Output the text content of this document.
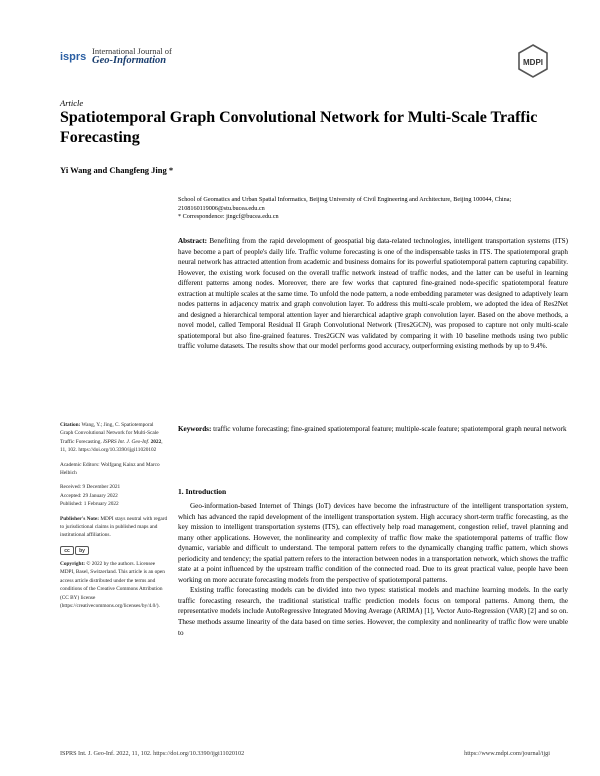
isprs International Journal of
Geo-Information	MDPI
Article
Spatiotemporal Graph Convolutional Network for Multi-Scale Traffic Forecasting
Yi Wang and Changfeng Jing *
School of Geomatics and Urban Spatial Informatics, Beijing University of Civil Engineering and Architecture, Beijing 100044, China; 2108160119006@stu.bucea.edu.cn
* Correspondence: jingcf@bucea.edu.cn
Abstract: Benefiting from the rapid development of geospatial big data-related technologies, intelligent transportation systems (ITS) have become a part of people's daily life. Traffic volume forecasting is one of the indispensable tasks in ITS. The spatiotemporal graph neural network has attracted attention from academic and business domains for its powerful spatiotemporal pattern capturing capability. However, the existing work focused on the overall traffic network instead of traffic nodes, and the latter can be useful in learning different patterns among nodes. Moreover, there are few works that captured fine-grained node-specific spatiotemporal feature extraction at multiple scales at the same time. To unfold the node pattern, a node embedding parameter was designed to adaptively learn nodes patterns in adjacency matrix and graph convolution layer. To address this multi-scale problem, we adopted the idea of Res2Net and designed a hierarchical temporal attention layer and hierarchical adaptive graph convolution layer. Based on the above methods, a novel model, called Temporal Residual II Graph Convolutional Network (Tres2GCN), was proposed to capture not only multi-scale spatiotemporal but also fine-grained features. Tres2GCN was validated by comparing it with 10 baseline methods using two public traffic volume datasets. The results show that our model performs good accuracy, outperforming existing methods by up to 9.4%.
Keywords: traffic volume forecasting; fine-grained spatiotemporal feature; multiple-scale feature; spatiotemporal graph neural network
Citation: Wang, Y.; Jing, C. Spatiotemporal Graph Convolutional Network for Multi-Scale Traffic Forecasting. ISPRS Int. J. Geo-Inf. 2022, 11, 102. https://doi.org/10.3390/ijgi11020102
Academic Editors: Wolfgang Kainz and Marco Helbich
Received: 9 December 2021
Accepted: 29 January 2022
Published: 1 February 2022
Publisher's Note: MDPI stays neutral with regard to jurisdictional claims in published maps and institutional affiliations.
cc	by
Copyright: © 2022 by the authors. Licensee MDPI, Basel, Switzerland. This article is an open access article distributed under the terms and conditions of the Creative Commons Attribution (CC BY) license (https://creativecommons.org/licenses/by/4.0/).
1. Introduction

Geo-information-based Internet of Things (IoT) devices have become the infrastructure of the intelligent transportation system, which has advanced the rapid development of the intelligent transportation system. High accuracy short-term traffic forecasting, as the key mission to intelligent transportation systems (ITS), can effectively help road management, congestion relief, travel planning and many other applications. However, the nonlinearity and complexity of traffic flow make the spatiotemporal patterns of traffic flow dynamic, variable and difficult to understand. The temporal pattern refers to the dynamically changing traffic pattern, which shows periodicity and tendency; the spatial pattern refers to the interaction between nodes in a transportation network, which shows the traffic state at a point influenced by the upstream traffic condition of the connected road. Due to its great practical value, people have been working on more accurate forecasting models from the perspective of spatiotemporal patterns.

Existing traffic forecasting models can be divided into two types: statistical models and machine learning models. In the early traffic forecasting research, the traditional statistical traffic prediction models focus on temporal patterns. Among them, the representative models include AutoRegressive Integrated Moving Average (ARIMA) [1], Vector Auto-Regression (VAR) [2] and so on. These methods assume linearity of the data based on time series. However, the complexity and nonlinearity of traffic flow were unable to

ISPRS Int. J. Geo-Inf. 2022, 11, 102. https://doi.org/10.3390/ijgi11020102	https://www.mdpi.com/journal/ijgi
